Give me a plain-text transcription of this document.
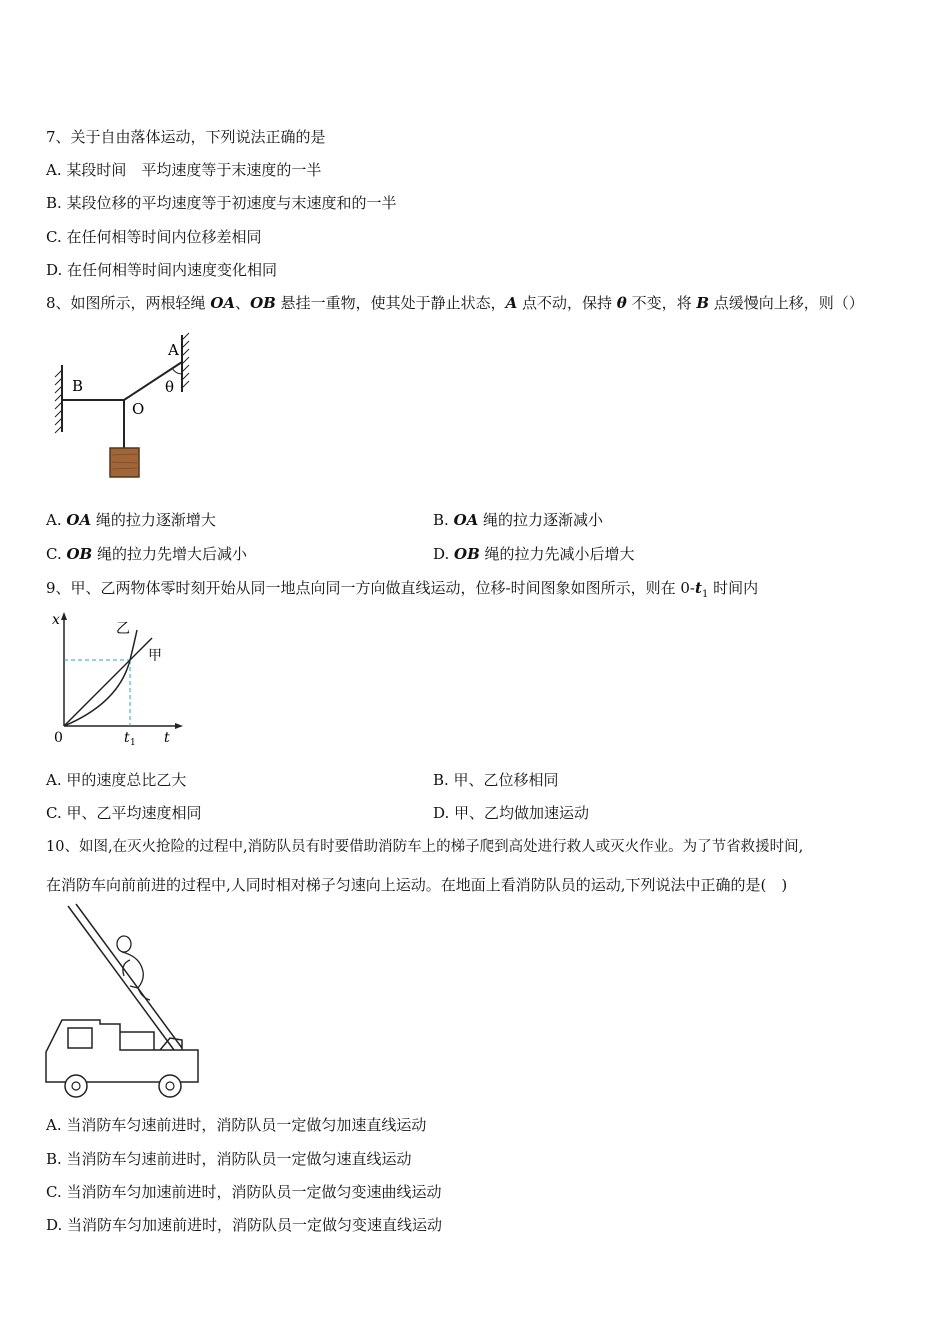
7、关于自由落体运动，下列说法正确的是
A. 某段时间　平均速度等于末速度的一半
B. 某段位移的平均速度等于初速度与末速度和的一半
C. 在任何相等时间内位移差相同
D. 在任何相等时间内速度变化相同
8、如图所示，两根轻绳 OA、OB 悬挂一重物，使其处于静止状态，A 点不动，保持 θ 不变，将 B 点缓慢向上移，则（）
B
A
O
θ
A. OA 绳的拉力逐渐增大	B. OA 绳的拉力逐渐减小
C. OB 绳的拉力先增大后减小	D. OB 绳的拉力先减小后增大
9、甲、乙两物体零时刻开始从同一地点向同一方向做直线运动，位移-时间图象如图所示，则在 $0-t_1$ 时间内
x
t
0	t 1
乙
甲
A. 甲的速度总比乙大	B. 甲、乙位移相同
C. 甲、乙平均速度相同	D. 甲、乙均做加速运动
10、如图,在灭火抢险的过程中,消防队员有时要借助消防车上的梯子爬到高处进行救人或灭火作业。为了节省救援时间,
在消防车向前前进的过程中,人同时相对梯子匀速向上运动。在地面上看消防队员的运动,下列说法中正确的是(　)
A. 当消防车匀速前进时，消防队员一定做匀加速直线运动
B. 当消防车匀速前进时，消防队员一定做匀速直线运动
C. 当消防车匀加速前进时，消防队员一定做匀变速曲线运动
D. 当消防车匀加速前进时，消防队员一定做匀变速直线运动
